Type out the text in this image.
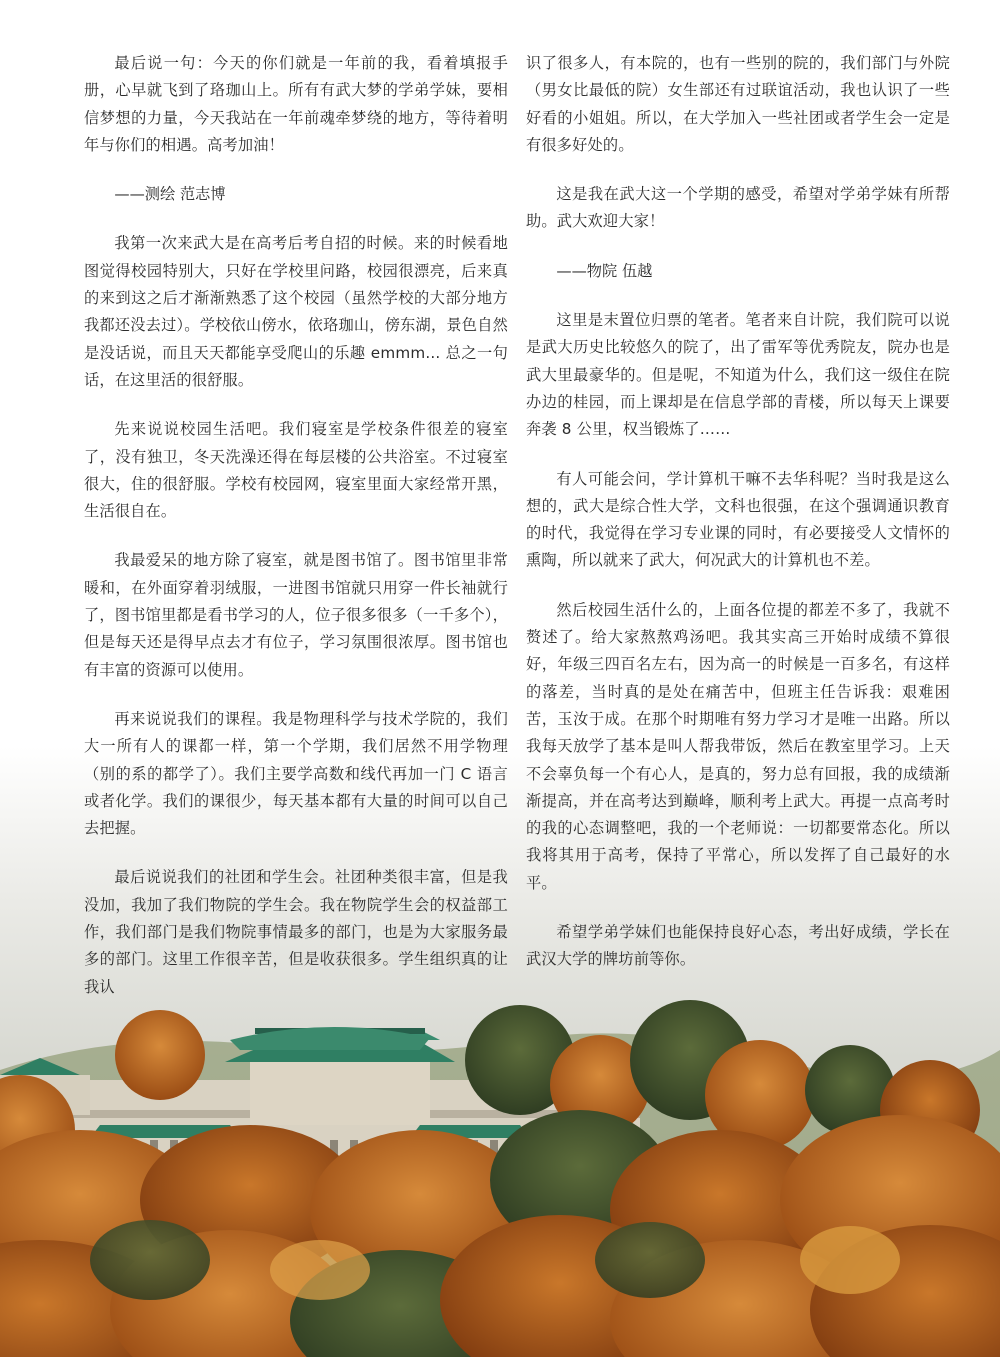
最后说一句：今天的你们就是一年前的我，看着填报手册，心早就飞到了珞珈山上。所有有武大梦的学弟学妹，要相信梦想的力量，今天我站在一年前魂牵梦绕的地方，等待着明年与你们的相遇。高考加油！

——测绘 范志博

我第一次来武大是在高考后考自招的时候。来的时候看地图觉得校园特别大，只好在学校里问路，校园很漂亮，后来真的来到这之后才渐渐熟悉了这个校园（虽然学校的大部分地方我都还没去过）。学校依山傍水，依珞珈山，傍东湖，景色自然是没话说，而且天天都能享受爬山的乐趣 emmm... 总之一句话，在这里活的很舒服。

先来说说校园生活吧。我们寝室是学校条件很差的寝室了，没有独卫，冬天洗澡还得在每层楼的公共浴室。不过寝室很大，住的很舒服。学校有校园网，寝室里面大家经常开黑，生活很自在。

我最爱呆的地方除了寝室，就是图书馆了。图书馆里非常暖和，在外面穿着羽绒服，一进图书馆就只用穿一件长袖就行了，图书馆里都是看书学习的人，位子很多很多（一千多个），但是每天还是得早点去才有位子，学习氛围很浓厚。图书馆也有丰富的资源可以使用。

再来说说我们的课程。我是物理科学与技术学院的，我们大一所有人的课都一样，第一个学期，我们居然不用学物理（别的系的都学了）。我们主要学高数和线代再加一门 C 语言或者化学。我们的课很少，每天基本都有大量的时间可以自己去把握。

最后说说我们的社团和学生会。社团种类很丰富，但是我没加，我加了我们物院的学生会。我在物院学生会的权益部工作，我们部门是我们物院事情最多的部门，也是为大家服务最多的部门。这里工作很辛苦，但是收获很多。学生组织真的让我认

识了很多人，有本院的，也有一些别的院的，我们部门与外院（男女比最低的院）女生部还有过联谊活动，我也认识了一些好看的小姐姐。所以，在大学加入一些社团或者学生会一定是有很多好处的。

这是我在武大这一个学期的感受，希望对学弟学妹有所帮助。武大欢迎大家！

——物院 伍越

这里是末置位归票的笔者。笔者来自计院，我们院可以说是武大历史比较悠久的院了，出了雷军等优秀院友，院办也是武大里最豪华的。但是呢，不知道为什么，我们这一级住在院办边的桂园，而上课却是在信息学部的青楼，所以每天上课要奔袭 8 公里，权当锻炼了……

有人可能会问，学计算机干嘛不去华科呢？当时我是这么想的，武大是综合性大学，文科也很强，在这个强调通识教育的时代，我觉得在学习专业课的同时，有必要接受人文情怀的熏陶，所以就来了武大，何况武大的计算机也不差。

然后校园生活什么的，上面各位提的都差不多了，我就不赘述了。给大家熬熬鸡汤吧。我其实高三开始时成绩不算很好，年级三四百名左右，因为高一的时候是一百多名，有这样的落差，当时真的是处在痛苦中，但班主任告诉我：艰难困苦，玉汝于成。在那个时期唯有努力学习才是唯一出路。所以我每天放学了基本是叫人帮我带饭，然后在教室里学习。上天不会辜负每一个有心人，是真的，努力总有回报，我的成绩渐渐提高，并在高考达到巅峰，顺利考上武大。再提一点高考时的我的心态调整吧，我的一个老师说：一切都要常态化。所以我将其用于高考，保持了平常心，所以发挥了自己最好的水平。

希望学弟学妹们也能保持良好心态，考出好成绩，学长在武汉大学的牌坊前等你。
